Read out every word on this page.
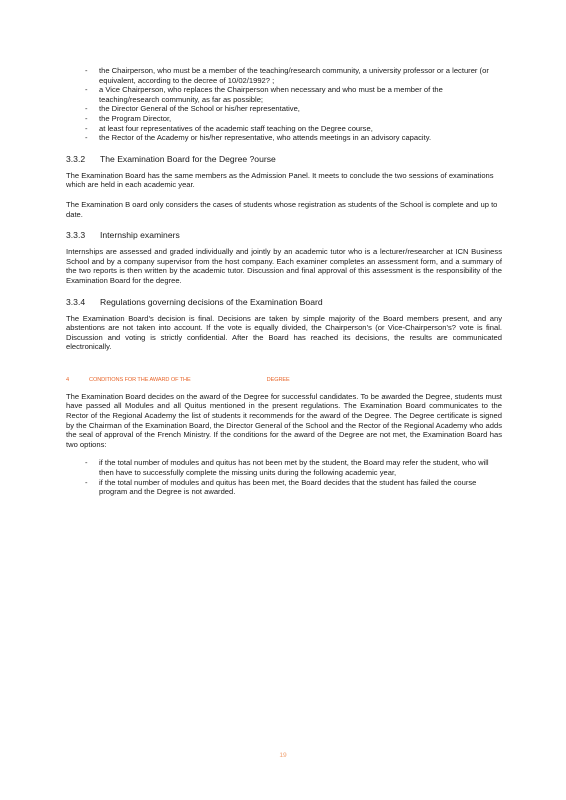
- the Chairperson, who must be a member of the teaching/research community, a university professor or a lecturer (or equivalent, according to the decree of 10/02/1992? ;
- a Vice Chairperson, who replaces the Chairperson when necessary and who must be a member of the teaching/research community, as far as possible;
- the Director General of the School or his/her representative,
- the Program Director,
- at least four representatives of the academic staff teaching on the Degree course,
- the Rector of the Academy or his/her representative, who attends meetings in an advisory capacity.
3.3.2	The Examination Board for the Degree ?ourse

The Examination Board has the same members as the Admission Panel. It meets to conclude the two sessions of examinations which are held in each academic year.

The Examination B oard only considers the cases of students whose registration as students of the School is complete and up to date.

3.3.3	Internship examiners

Internships are assessed and graded individually and jointly by an academic tutor who is a lecturer/researcher at ICN Business School and by a company supervisor from the host company. Each examiner completes an assessment form, and a summary of the two reports is then written by the academic tutor. Discussion and final approval of this assessment is the responsibility of the Examination Board for the degree.

3.3.4	Regulations governing decisions of the Examination Board

The Examination Board’s decision is final. Decisions are taken by simple majority of the Board members present, and any abstentions are not taken into account. If the vote is equally divided, the Chairperson’s (or Vice-Chairperson’s? vote is final. Discussion and voting is strictly confidential. After the Board has reached its decisions, the results are communicated electronically.

4	CONDITIONS FOR THE AWARD OF THE	DEGREE

The Examination Board decides on the award of the Degree for successful candidates. To be awarded the Degree, students must have passed all Modules and all Quitus mentioned in the present regulations. The Examination Board communicates to the Rector of the Regional Academy the list of students it recommends for the award of the Degree. The Degree certificate is signed by the Chairman of the Examination Board, the Director General of the School and the Rector of the Regional Academy who adds the seal of approval of the French Ministry. If the conditions for the award of the Degree are not met, the Examination Board has two options:

- if the total number of modules and quitus has not been met by the student, the Board may refer the student, who will then have to successfully complete the missing units during the following academic year,
- if the total number of modules and quitus has been met, the Board decides that the student has failed the course program and the Degree is not awarded.
19
